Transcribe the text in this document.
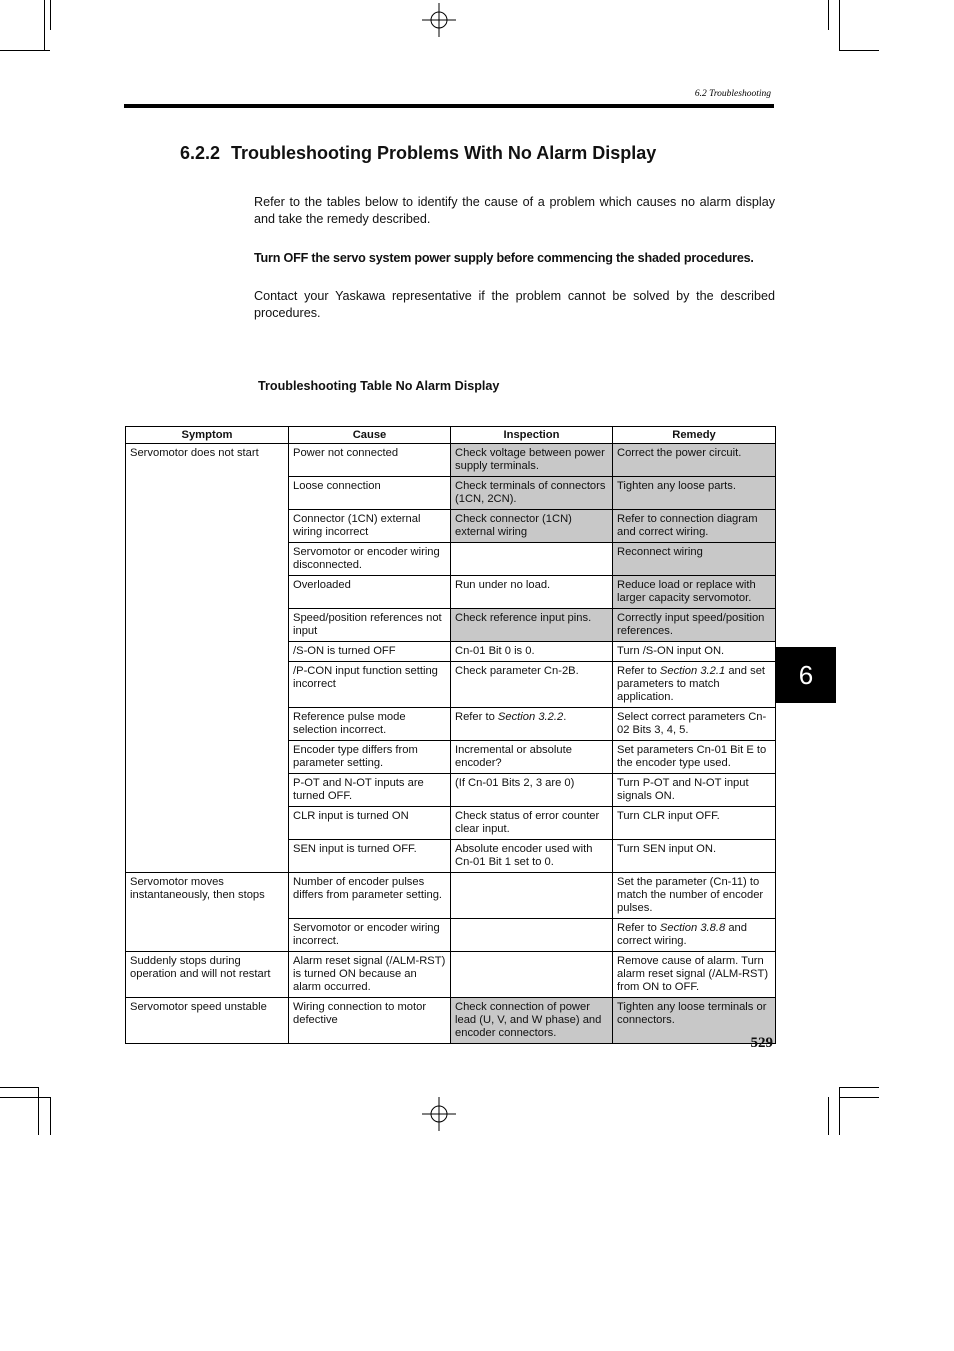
6.2 Troubleshooting
6.2.2 Troubleshooting Problems With No Alarm Display

Refer to the tables below to identify the cause of a problem which causes no alarm display and take the remedy described.

Turn OFF the servo system power supply before commencing the shaded procedures.

Contact your Yaskawa representative if the problem cannot be solved by the described procedures.

Troubleshooting Table No Alarm Display

Symptom	Cause	Inspection	Remedy
Servomotor does not start	Power not connected	Check voltage between power supply terminals.	Correct the power circuit.
	Loose connection	Check terminals of connectors (1CN, 2CN).	Tighten any loose parts.
	Connector (1CN) external wiring incorrect	Check connector (1CN) external wiring	Refer to connection diagram and correct wiring.
	Servomotor or encoder wiring disconnected.		Reconnect wiring
	Overloaded	Run under no load.	Reduce load or replace with larger capacity servomotor.
	Speed/position references not input	Check reference input pins.	Correctly input speed/position references.
	/S-ON is turned OFF	Cn-01 Bit 0 is 0.	Turn /S-ON input ON.
	/P-CON input function setting incorrect	Check parameter Cn-2B.	Refer to Section 3.2.1 and set parameters to match application.
	Reference pulse mode selection incorrect.	Refer to Section 3.2.2.	Select correct parameters Cn-02 Bits 3, 4, 5.
	Encoder type differs from parameter setting.	Incremental or absolute encoder?	Set parameters Cn-01 Bit E to the encoder type used.
	P-OT and N-OT inputs are turned OFF.	(If Cn-01 Bits 2, 3 are 0)	Turn P-OT and N-OT input signals ON.
	CLR input is turned ON	Check status of error counter clear input.	Turn CLR input OFF.
	SEN input is turned OFF.	Absolute encoder used with Cn-01 Bit 1 set to 0.	Turn SEN input ON.
Servomotor moves instantaneously, then stops	Number of encoder pulses differs from parameter setting.		Set the parameter (Cn-11) to match the number of encoder pulses.
	Servomotor or encoder wiring incorrect.		Refer to Section 3.8.8 and correct wiring.
Suddenly stops during operation and will not restart	Alarm reset signal (/ALM-RST) is turned ON because an alarm occurred.		Remove cause of alarm. Turn alarm reset signal (/ALM-RST) from ON to OFF.
Servomotor speed unstable	Wiring connection to motor defective	Check connection of power lead (U, V, and W phase) and encoder connectors.	Tighten any loose terminals or connectors.
6
529
